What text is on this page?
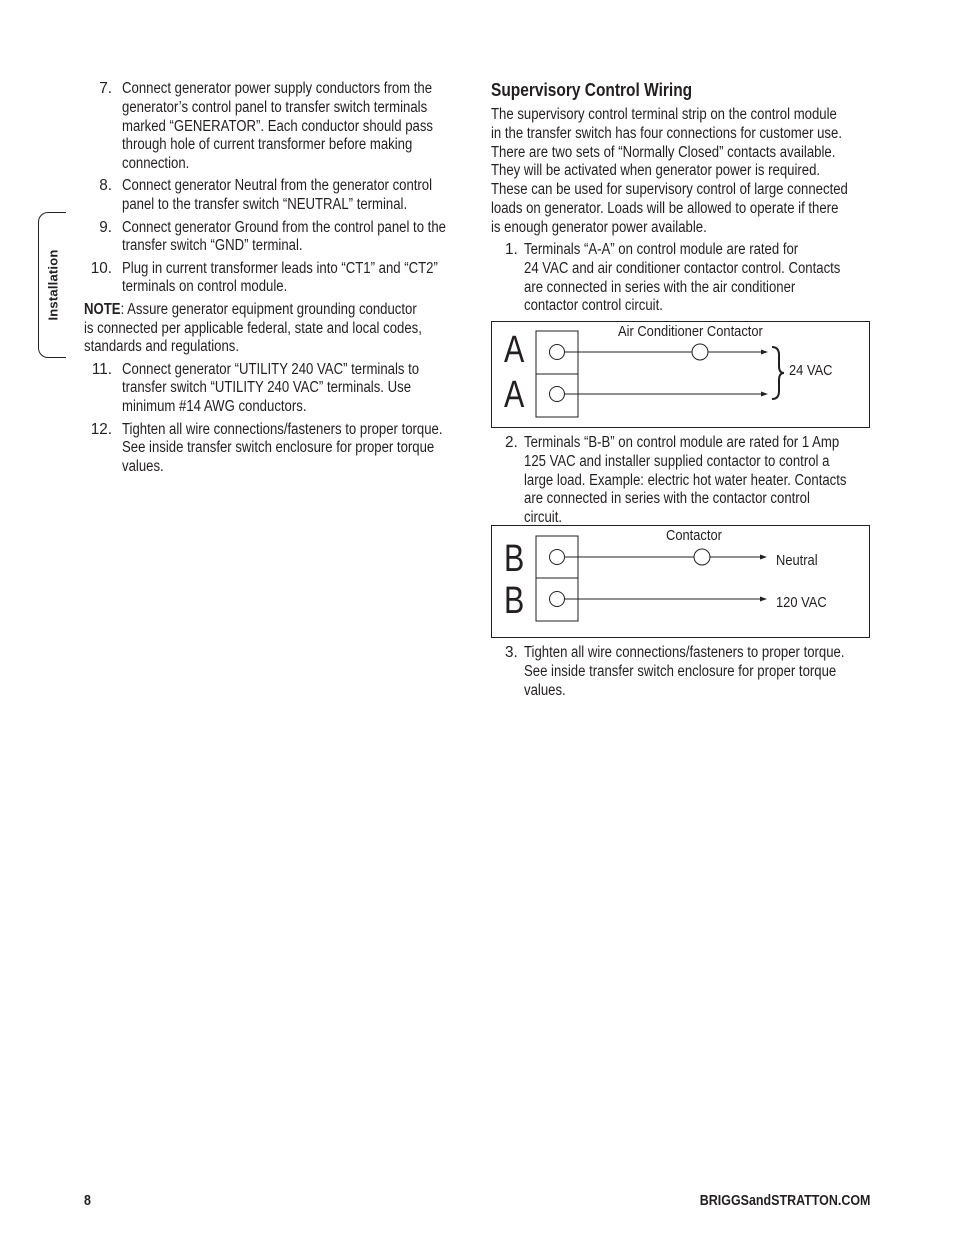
Installation
7. Connect generator power supply conductors from the
generator’s control panel to transfer switch terminals
marked “GENERATOR”. Each conductor should pass
through hole of current transformer before making
connection.
8. Connect generator Neutral from the generator control
panel to the transfer switch “NEUTRAL” terminal.
9. Connect generator Ground from the control panel to the
transfer switch “GND” terminal.
10. Plug in current transformer leads into “CT1” and “CT2”
terminals on control module.
NOTE: Assure generator equipment grounding conductor
is connected per applicable federal, state and local codes,
standards and regulations.
11. Connect generator “UTILITY 240 VAC” terminals to
transfer switch “UTILITY 240 VAC” terminals. Use
minimum #14 AWG conductors.
12. Tighten all wire connections/fasteners to proper torque.
See inside transfer switch enclosure for proper torque
values.
Supervisory Control Wiring
The supervisory control terminal strip on the control module
in the transfer switch has four connections for customer use.
There are two sets of “Normally Closed” contacts available.
They will be activated when generator power is required.
These can be used for supervisory control of large connected
loads on generator. Loads will be allowed to operate if there
is enough generator power available.
1. Terminals “A-A” on control module are rated for
24 VAC and air conditioner contactor control. Contacts
are connected in series with the air conditioner
contactor control circuit.
A
A
Air Conditioner Contactor
24 VAC
2. Terminals “B-B” on control module are rated for 1 Amp
125 VAC and installer supplied contactor to control a
large load. Example: electric hot water heater. Contacts
are connected in series with the contactor control
circuit.
B
B
Contactor
Neutral
120 VAC
3. Tighten all wire connections/fasteners to proper torque.
See inside transfer switch enclosure for proper torque
values.
8	BRIGGSandSTRATTON.COM
